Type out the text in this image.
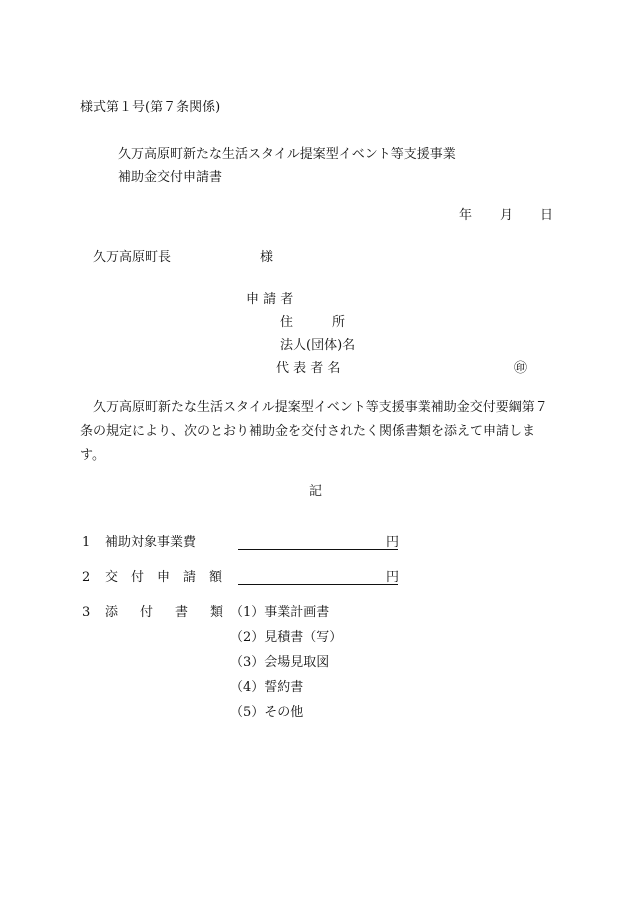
様式第１号(第７条関係)
久万高原町新たな生活スタイル提案型イベント等支援事業
補助金交付申請書
年 月 日
久万高原町長	様
申 請 者
住　　　所
法人(団体)名
代 表 者 名	㊞
久万高原町新たな生活スタイル提案型イベント等支援事業補助金交付要綱第７条の規定により、次のとおり補助金を交付されたく関係書類を添えて申請します。
記
1 補助対象事業費	円
2 交付申請額	円
3 添付書類
（1）事業計画書
（2）見積書（写）
（3）会場見取図
（4）誓約書
（5）その他
